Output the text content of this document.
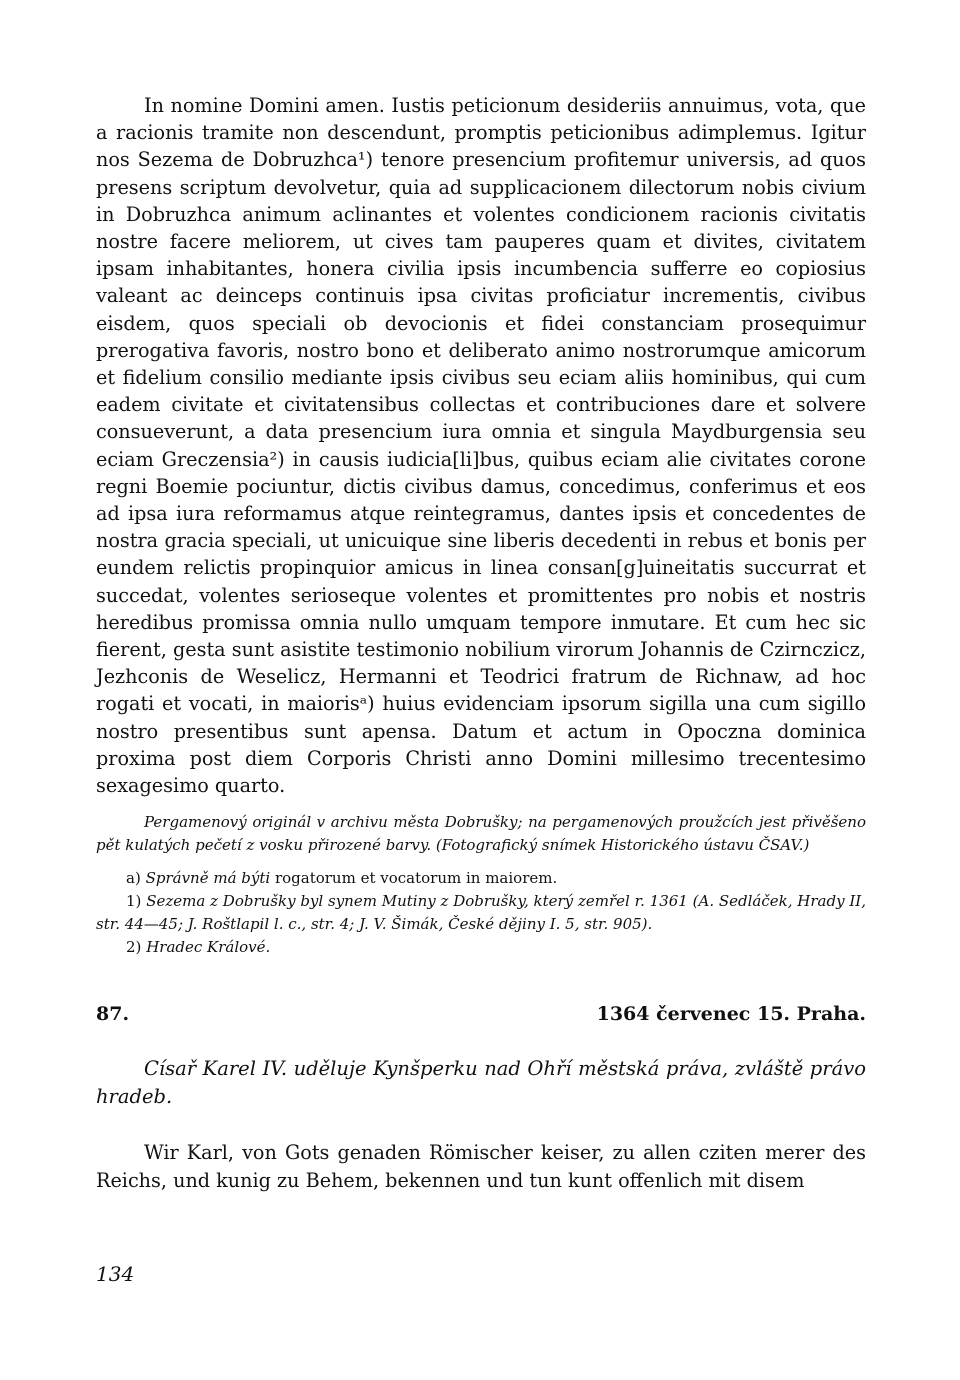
In nomine Domini amen. Iustis peticionum desideriis annuimus, vota, que a racionis tramite non descendunt, promptis peticionibus adimplemus. Igitur nos Sezema de Dobruzhca¹) tenore presencium profitemur universis, ad quos presens scriptum devolvetur, quia ad supplicacionem dilectorum nobis civium in Dobruzhca animum aclinantes et volentes condicionem racionis civitatis nostre facere meliorem, ut cives tam pauperes quam et divites, civitatem ipsam inhabitantes, honera civilia ipsis incumbencia sufferre eo copiosius valeant ac deinceps continuis ipsa civitas proficiatur incrementis, civibus eisdem, quos speciali ob devocionis et fidei constanciam prosequimur prerogativa favoris, nostro bono et deliberato animo nostrorumque amicorum et fidelium consilio mediante ipsis civibus seu eciam aliis hominibus, qui cum eadem civitate et civitatensibus collectas et contribuciones dare et solvere consueverunt, a data presencium iura omnia et singula Maydburgensia seu eciam Greczensia²) in causis iudicia[li]bus, quibus eciam alie civitates corone regni Boemie pociuntur, dictis civibus damus, concedimus, conferimus et eos ad ipsa iura reformamus atque reintegramus, dantes ipsis et concedentes de nostra gracia speciali, ut unicuique sine liberis decedenti in rebus et bonis per eundem relictis propinquior amicus in linea consan[g]uineitatis succurrat et succedat, volentes serioseque volentes et promittentes pro nobis et nostris heredibus promissa omnia nullo umquam tempore inmutare. Et cum hec sic fierent, gesta sunt asistite testimonio nobilium virorum Johannis de Czirnczicz, Jezhconis de Weselicz, Hermanni et Teodrici fratrum de Richnaw, ad hoc rogati et vocati, in maiorisᵃ) huius evidenciam ipsorum sigilla una cum sigillo nostro presentibus sunt apensa. Datum et actum in Opoczna dominica proxima post diem Corporis Christi anno Domini millesimo trecentesimo sexagesimo quarto.

Pergamenový originál v archivu města Dobrušky; na pergamenových proužcích jest přivěšeno pět kulatých pečetí z vosku přirozené barvy. (Fotografický snímek Historického ústavu ČSAV.)

a) Správně má býti rogatorum et vocatorum in maiorem.

1) Sezema z Dobrušky byl synem Mutiny z Dobrušky, který zemřel r. 1361 (A. Sedláček, Hrady II, str. 44—45; J. Roštlapil l. c., str. 4; J. V. Šimák, České dějiny I. 5, str. 905).

2) Hradec Králové.

87.	1364 červenec 15. Praha.

Císař Karel IV. uděluje Kynšperku nad Ohří městská práva, zvláště právo hradeb.

Wir Karl, von Gots genaden Römischer keiser, zu allen cziten merer des Reichs, und kunig zu Behem, bekennen und tun kunt offenlich mit disem

134
